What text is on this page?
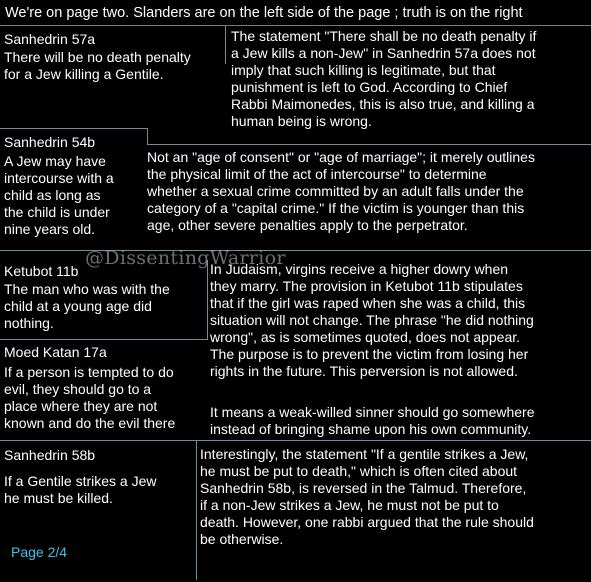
We're on page two. Slanders are on the left side of the page ; truth is on the right
Sanhedrin 57a
There will be no death penalty
for a Jew killing a Gentile.
The statement "There shall be no death penalty if
a Jew kills a non-Jew" in Sanhedrin 57a does not
imply that such killing is legitimate, but that
punishment is left to God. According to Chief
Rabbi Maimonedes, this is also true, and killing a
human being is wrong.
Sanhedrin 54b
A Jew may have
intercourse with a
child as long as
the child is under
nine years old.
Not an "age of consent" or "age of marriage"; it merely outlines
the physical limit of the act of intercourse" to determine
whether a sexual crime committed by an adult falls under the
category of a "capital crime." If the victim is younger than this
age, other severe penalties apply to the perpetrator.
@DissentingWarrior
Ketubot 11b
The man who was with the
child at a young age did
nothing.
In Judaism, virgins receive a higher dowry when
they marry. The provision in Ketubot 11b stipulates
that if the girl was raped when she was a child, this
situation will not change. The phrase "he did nothing
wrong", as is sometimes quoted, does not appear.
The purpose is to prevent the victim from losing her
rights in the future. This perversion is not allowed.
Moed Katan 17a
If a person is tempted to do
evil, they should go to a
place where they are not
known and do the evil there
It means a weak-willed sinner should go somewhere
instead of bringing shame upon his own community.
Sanhedrin 58b
If a Gentile strikes a Jew
he must be killed.
Interestingly, the statement "If a gentile strikes a Jew,
he must be put to death," which is often cited about
Sanhedrin 58b, is reversed in the Talmud. Therefore,
if a non-Jew strikes a Jew, he must not be put to
death. However, one rabbi argued that the rule should
be otherwise.
Page 2/4
